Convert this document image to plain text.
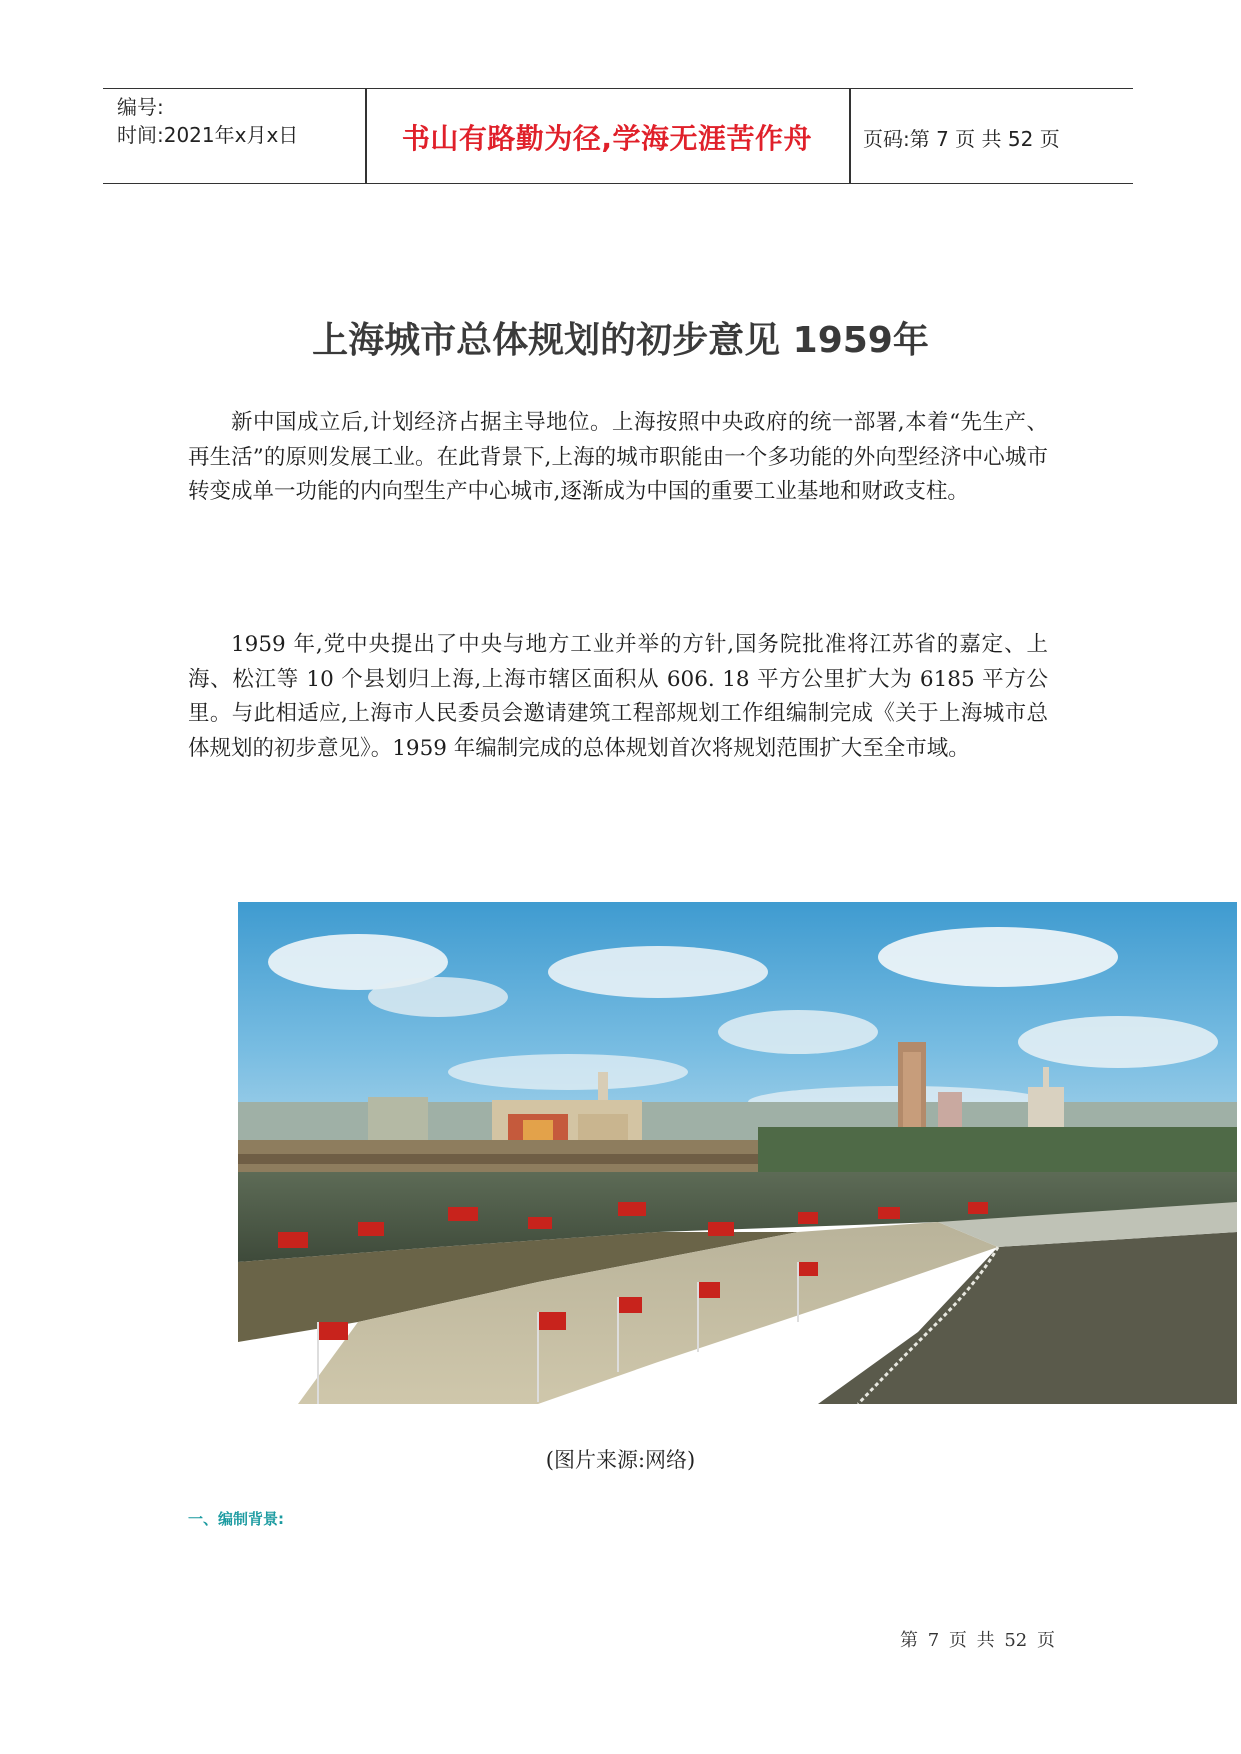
编号:
时间:2021年x月x日	书山有路勤为径,学海无涯苦作舟	页码:第 7 页 共 52 页
上海城市总体规划的初步意见 1959年
新中国成立后,计划经济占据主导地位。上海按照中央政府的统一部署,本着“先生产、再生活”的原则发展工业。在此背景下,上海的城市职能由一个多功能的外向型经济中心城市转变成单一功能的内向型生产中心城市,逐渐成为中国的重要工业基地和财政支柱。
1959 年,党中央提出了中央与地方工业并举的方针,国务院批准将江苏省的嘉定、上海、松江等 10 个县划归上海,上海市辖区面积从 606. 18 平方公里扩大为 6185 平方公里。与此相适应,上海市人民委员会邀请建筑工程部规划工作组编制完成《关于上海城市总体规划的初步意见》。1959 年编制完成的总体规划首次将规划范围扩大至全市域。
(图片来源:网络)
一、编制背景:
第 7 页 共 52 页
